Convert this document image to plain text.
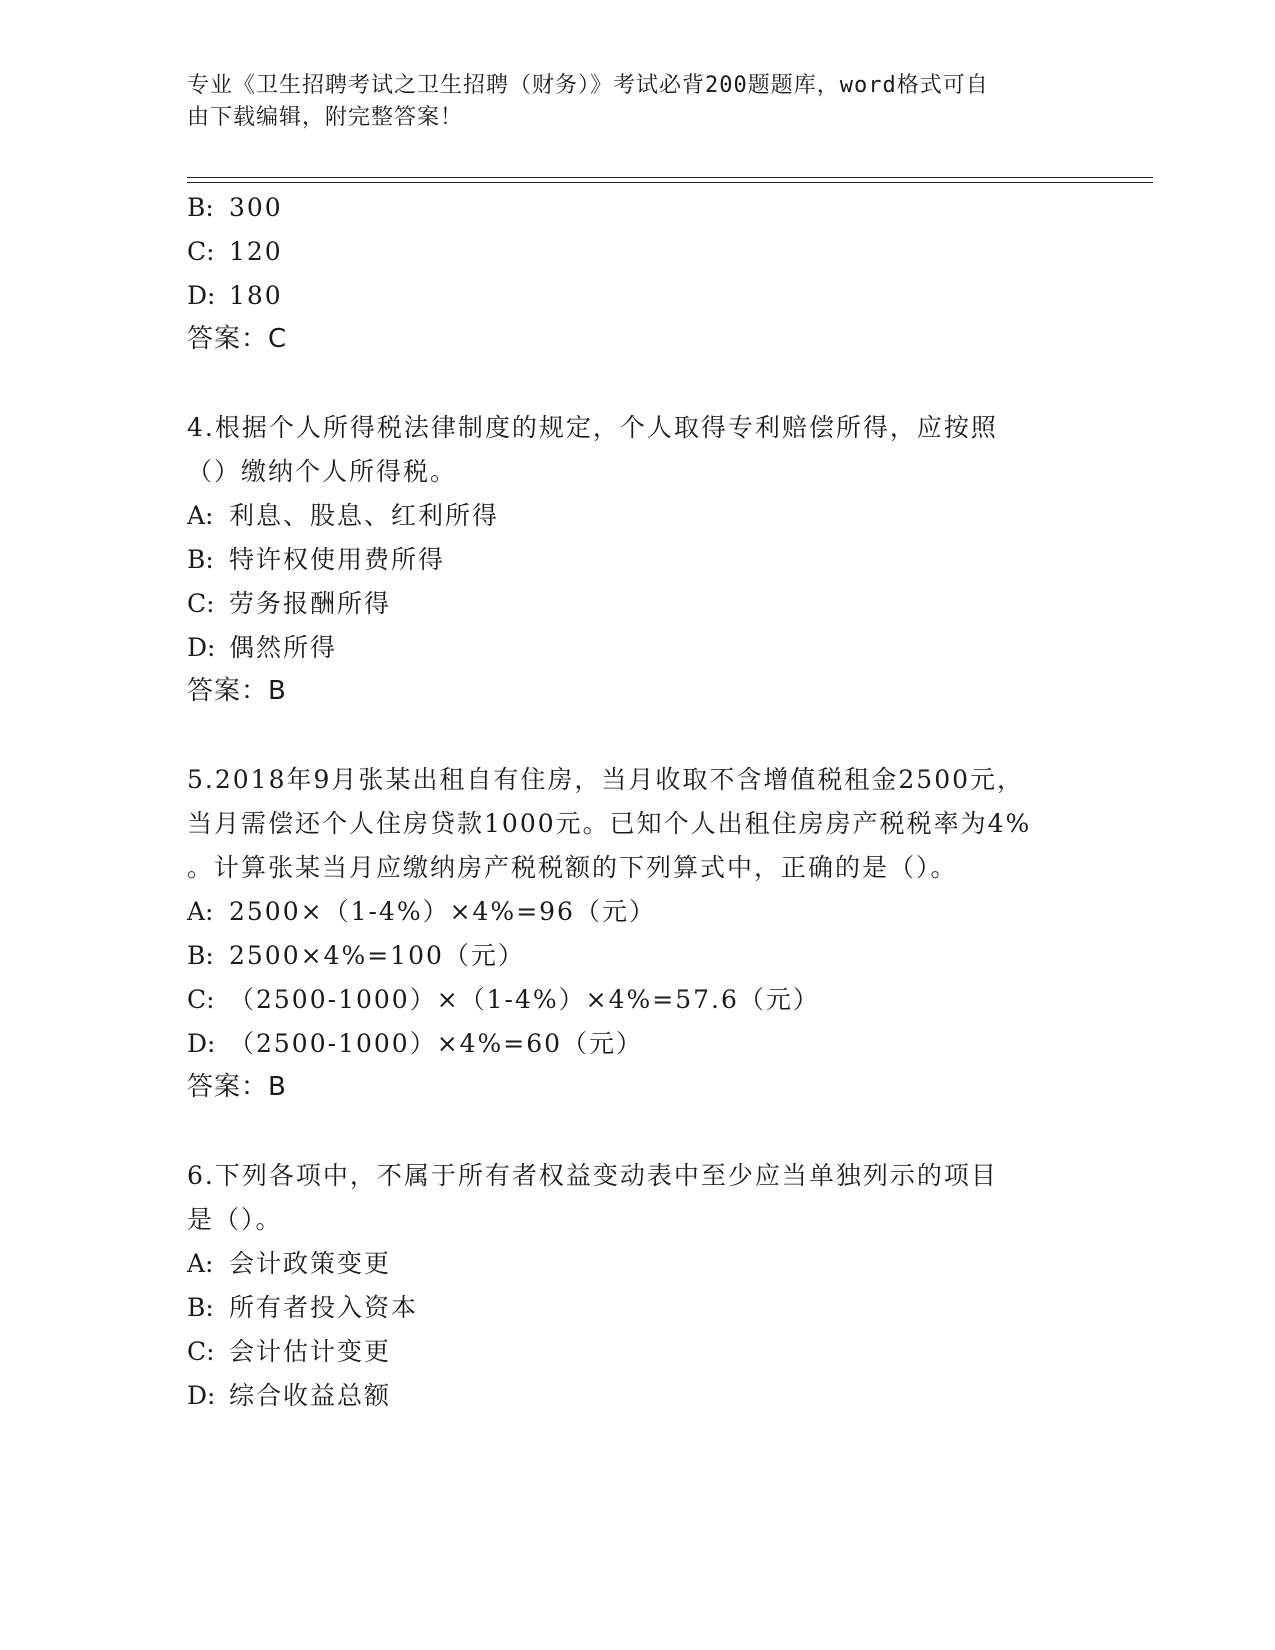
专业《卫生招聘考试之卫生招聘（财务）》考试必背200题题库，word格式可自
由下载编辑，附完整答案！
B: 300
C: 120
D: 180
答案：C
4.根据个人所得税法律制度的规定，个人取得专利赔偿所得，应按照
（）缴纳个人所得税。
A: 利息、股息、红利所得
B: 特许权使用费所得
C: 劳务报酬所得
D: 偶然所得
答案：B
5.2018年9月张某出租自有住房，当月收取不含增值税租金2500元，
当月需偿还个人住房贷款1000元。已知个人出租住房房产税税率为4%
。计算张某当月应缴纳房产税税额的下列算式中，正确的是（）。
A: 2500×（1-4%）×4%=96（元）
B: 2500×4%=100（元）
C: （2500-1000）×（1-4%）×4%=57.6（元）
D: （2500-1000）×4%=60（元）
答案：B
6.下列各项中，不属于所有者权益变动表中至少应当单独列示的项目
是（）。
A: 会计政策变更
B: 所有者投入资本
C: 会计估计变更
D: 综合收益总额
